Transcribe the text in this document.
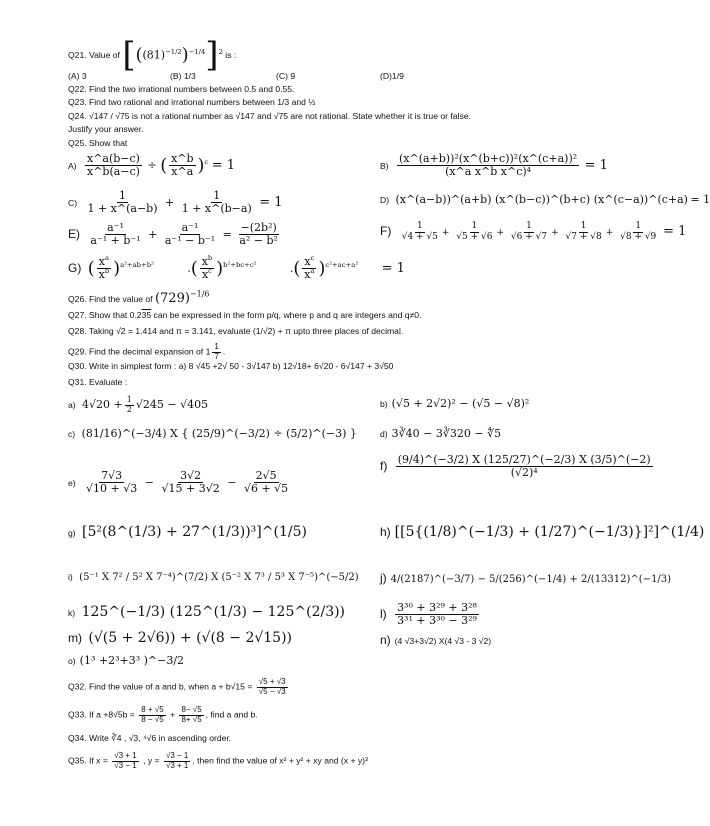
Q21. Value of $[((81)^{-1/2})^{-1/4}]^2$ is :
(A) 3	(B) 1/3	(C) 9	(D)1/9
Q22. Find the two irrational numbers between 0.5 and 0.55.
Q23. Find two rational and irrational numbers between 1/3 and ½
Q24. √147 / √75 is not a rational number as √147 and √75 are not rational. State whether it is true or false.
Justify your answer.
Q25. Show that
$A) \frac{x\^{}a(b-c)}{x\^{}b(a-c)}$ ÷ ( $\frac{x\^{}b}{x\^{}a} )^c = 1$	$B) \frac{\text{(x\textasciicircum{}(a+b))²(x\textasciicircum{}(b+c))²(x\textasciicircum{}(c+a))²}}{\text{(x\textasciicircum{}a x\textasciicircum{}b x\textasciicircum{}c)⁴}} = 1$
$C) \frac{1}{1 + x\^{}(a-b)} + \frac{1}{1 + x\^{}(b-a)} = 1$	D) (x^(a−b))^(a+b) (x^(b−c))^(b+c) (x^(c−a))^(c+a) = 1
$E) \frac{\text{a⁻¹}}{\text{a⁻¹ + b⁻¹}} + \frac{\text{a⁻¹}}{\text{a⁻¹ − b⁻¹}} = \frac{\text{−(2b²)}}{\text{a² − b²}}$	$F) \frac{1}{√4 + √5} + \frac{1}{√5 + √6} + \frac{1}{√6 + √7} + \frac{1}{√7 + √8} + \frac{1}{√8 + √9} = 1$
G) ( $\frac{x^a}{x^b} )^{a^2+ab+b^2}$	.( $\frac{x^b}{x^c} )^{b^2+bc+c^2}$	.( $\frac{x^c}{x^a} )^{c^2+ac+a^2} = 1$
Q26. Find the value of $(729)^{-1/6}$
Q27. Show that 0.235 can be expressed in the form p/q, where p and q are integers and q≠0.
Q28. Taking √2 = 1.414 and π = 3.141, evaluate (1/√2) + π upto three places of decimal.
Q29. Find the decimal expansion of $1 \frac{1}{7}$ .
Q30. Write in simplest form : a) 8 √45 +2√ 50 - 3√147 b) 12√18+ 6√20 - 6√147 + 3√50
Q31. Evaluate :
a) $4√20 + \frac{1}{2} √245 - √405$	b) (√5 + 2√2)² − (√5 − √8)²
c) (81/16)^(−3/4) X { (25/9)^(−3/2) ÷ (5/2)^(−3) }	d) 3∛40 − 3∛320 − ∜5
$e) \frac{7√3}{√10 + √3} - \frac{3√2}{√15 + 3√2} - \frac{2√5}{√6 + √5}$
$f) \frac{(9/4)\^{}(-3/2) X (125/27)\^{}(-2/3) X (3/5)\^{}(-2)}{\text{(√2)⁴}}$
g) [5²(8^(1/3) + 27^(1/3))³]^(1/5)	h) [[5{(1/8)^(−1/3) + (1/27)^(−1/3)}]²]^(1/4)
i) (5⁻¹ X 7² / 5² X 7⁻⁴)^(7/2) X (5⁻² X 7³ / 5³ X 7⁻⁵)^(−5/2) j) 4/(2187)^(−3/7) − 5/(256)^(−1/4) + 2/(13312)^(−1/3)
k) 125^(−1/3) (125^(1/3) − 125^(2/3))	$l) \frac{\text{3³⁰ + 3²⁹ + 3²⁸}}{\text{3³¹ + 3³⁰ − 3²⁹}}$
m) (√(5 + 2√6)) + (√(8 − 2√15))	n) (4 √3+3√2) X(4 √3 - 3 √2)
o) (1³ +2³+3³ )^−3/2
Q32. Find the value of a and b, when $a + b√15 = \frac{√5 + √3}{√5 - √3}$
Q33. If $a +8√5b = \frac{8 + √5}{8 - √5} + \frac{8- √5}{8+ √5}$ , find a and b.
Q34. Write ∛4 , √3, ⁴√6 in ascending order.
Q35. If $x = \frac{√3 + 1}{√3 - 1}$ , $y = \frac{√3 - 1}{√3 + 1}$ , then find the value of x² + y² + xy and (x + y)³
